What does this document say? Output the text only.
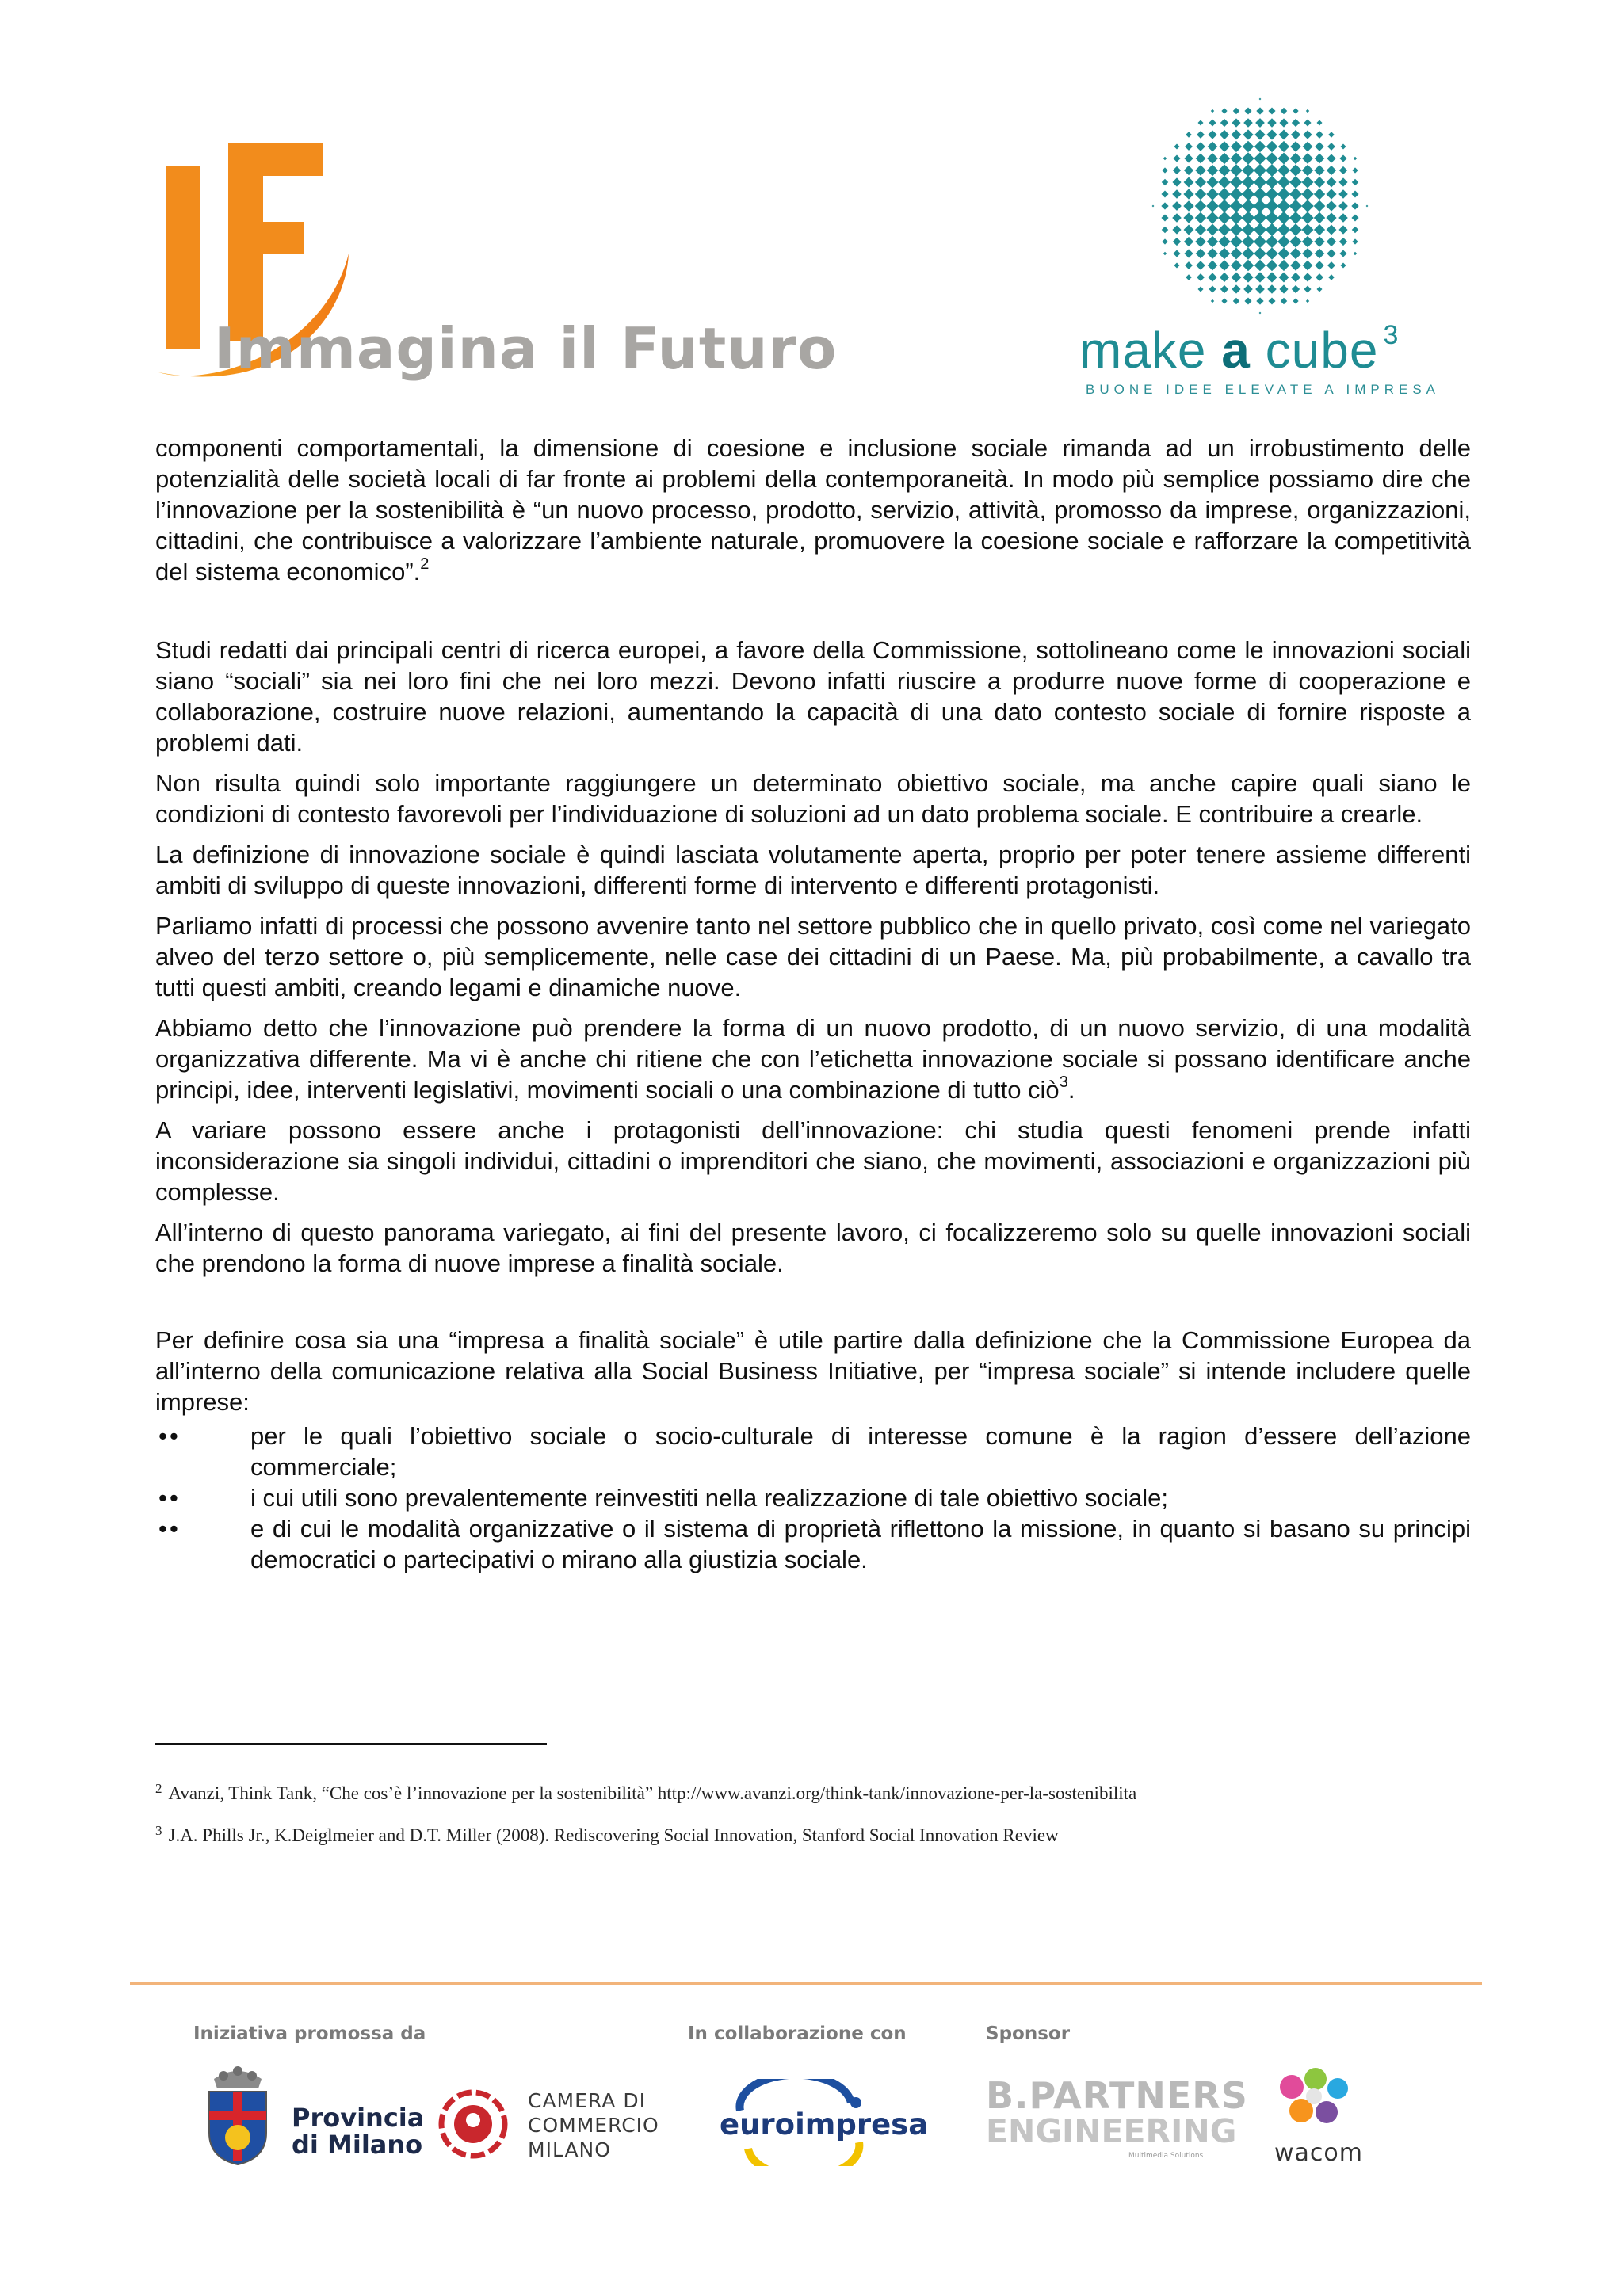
Immagina il Futuro	make a cube $^3$
BUONE IDEE ELEVATE A IMPRESA

componenti comportamentali, la dimensione di coesione e inclusione sociale rimanda ad un irrobustimento delle potenzialità delle società locali di far fronte ai problemi della contemporaneità. In modo più semplice possiamo dire che l’innovazione per la sostenibilità è “un nuovo processo, prodotto, servizio, attività, promosso da imprese, organizzazioni, cittadini, che contribuisce a valorizzare l’ambiente naturale, promuovere la coesione sociale e rafforzare la competitività del sistema economico”.$^2$

Studi redatti dai principali centri di ricerca europei, a favore della Commissione, sottolineano come le innovazioni sociali siano “sociali” sia nei loro fini che nei loro mezzi. Devono infatti riuscire a produrre nuove forme di cooperazione e collaborazione, costruire nuove relazioni, aumentando la capacità di una dato contesto sociale di fornire risposte a problemi dati.

Non risulta quindi solo importante raggiungere un determinato obiettivo sociale, ma anche capire quali siano le condizioni di contesto favorevoli per l’individuazione di soluzioni ad un dato problema sociale. E contribuire a crearle.

La definizione di innovazione sociale è quindi lasciata volutamente aperta, proprio per poter tenere assieme differenti ambiti di sviluppo di queste innovazioni, differenti forme di intervento e differenti protagonisti.

Parliamo infatti di processi che possono avvenire tanto nel settore pubblico che in quello privato, così come nel variegato alveo del terzo settore o, più semplicemente, nelle case dei cittadini di un Paese. Ma, più probabilmente, a cavallo tra tutti questi ambiti, creando legami e dinamiche nuove.

Abbiamo detto che l’innovazione può prendere la forma di un nuovo prodotto, di un nuovo servizio, di una modalità organizzativa differente. Ma vi è anche chi ritiene che con l’etichetta innovazione sociale si possano identificare anche principi, idee, interventi legislativi, movimenti sociali o una combinazione di tutto ciò$^3$.

A variare possono essere anche i protagonisti dell’innovazione: chi studia questi fenomeni prende infatti inconsiderazione sia singoli individui, cittadini o imprenditori che siano, che movimenti, associazioni e organizzazioni più complesse.

All’interno di questo panorama variegato, ai fini del presente lavoro, ci focalizzeremo solo su quelle innovazioni sociali che prendono la forma di nuove imprese a finalità sociale.

Per definire cosa sia una “impresa a finalità sociale” è utile partire dalla definizione che la Commissione Europea da all’interno della comunicazione relativa alla Social Business Initiative, per “impresa sociale” si intende includere quelle imprese:

• •	per le quali l’obiettivo sociale o socio-culturale di interesse comune è la ragion d’essere dell’azione commerciale;
• •	i cui utili sono prevalentemente reinvestiti nella realizzazione di tale obiettivo sociale;
• •	e di cui le modalità organizzative o il sistema di proprietà riflettono la missione, in quanto si basano su principi democratici o partecipativi o mirano alla giustizia sociale.
$^2$ Avanzi, Think Tank, “Che cos’è l’innovazione per la sostenibilità” http://www.avanzi.org/think-tank/innovazione-per-la-sostenibilita
$^3$ J.A. Phills Jr., K.Deiglmeier and D.T. Miller (2008). Rediscovering Social Innovation, Stanford Social Innovation Review
Iniziativa promossa da	In collaborazione con	Sponsor
Provincia
di Milano
CAMERA DI
COMMERCIO
MILANO
euroimpresa
B.PARTNERS
ENGINEERING
Multimedia Solutions	wacom
